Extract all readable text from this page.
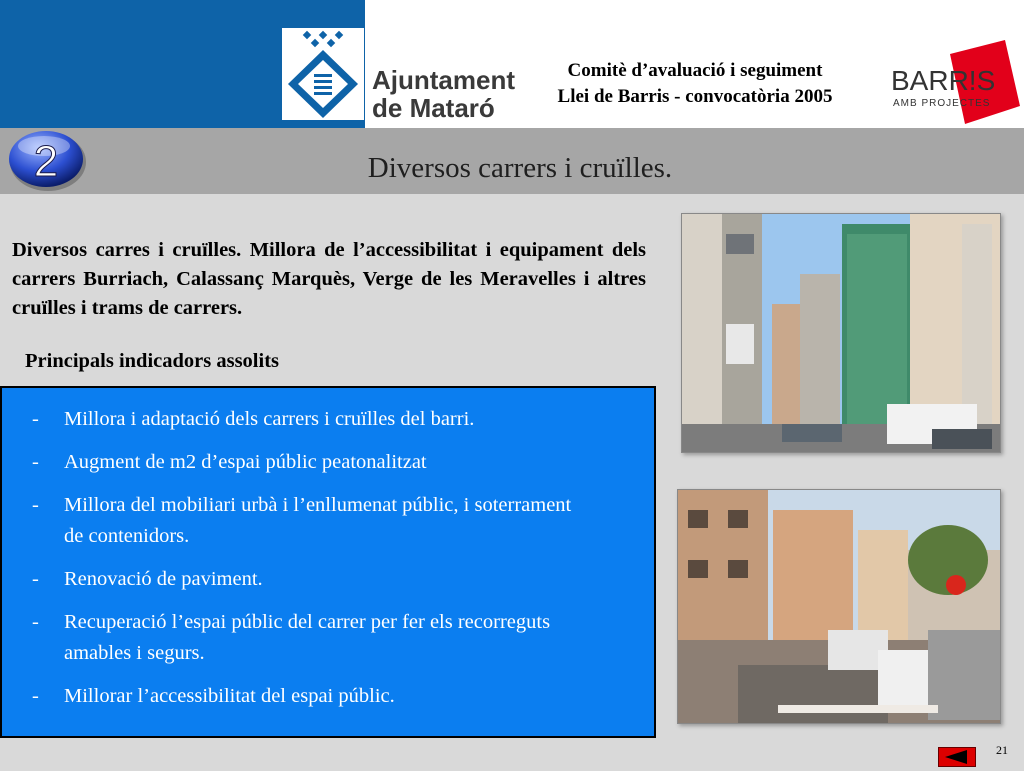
Ajuntament
de Mataró
Comitè d’avaluació i seguiment
Llei de Barris - convocatòria 2005
BARR!S
AMB PROJECTES
2	Diversos carrers i cruïlles.
Diversos carres i cruïlles. Millora de l’accessibilitat i equipament dels carrers Burriach, Calassanç Marquès, Verge de les Meravelles i altres cruïlles i trams de carrers.
Principals indicadors assolits
- Millora i adaptació dels carrers i cruïlles del barri.
- Augment de m2 d’espai públic peatonalitzat
- Millora del mobiliari urbà i l’enllumenat públic, i soterrament de contenidors.
- Renovació de paviment.
- Recuperació l’espai públic del carrer per fer els recorreguts amables i segurs.
- Millorar l’accessibilitat del espai públic.
21
